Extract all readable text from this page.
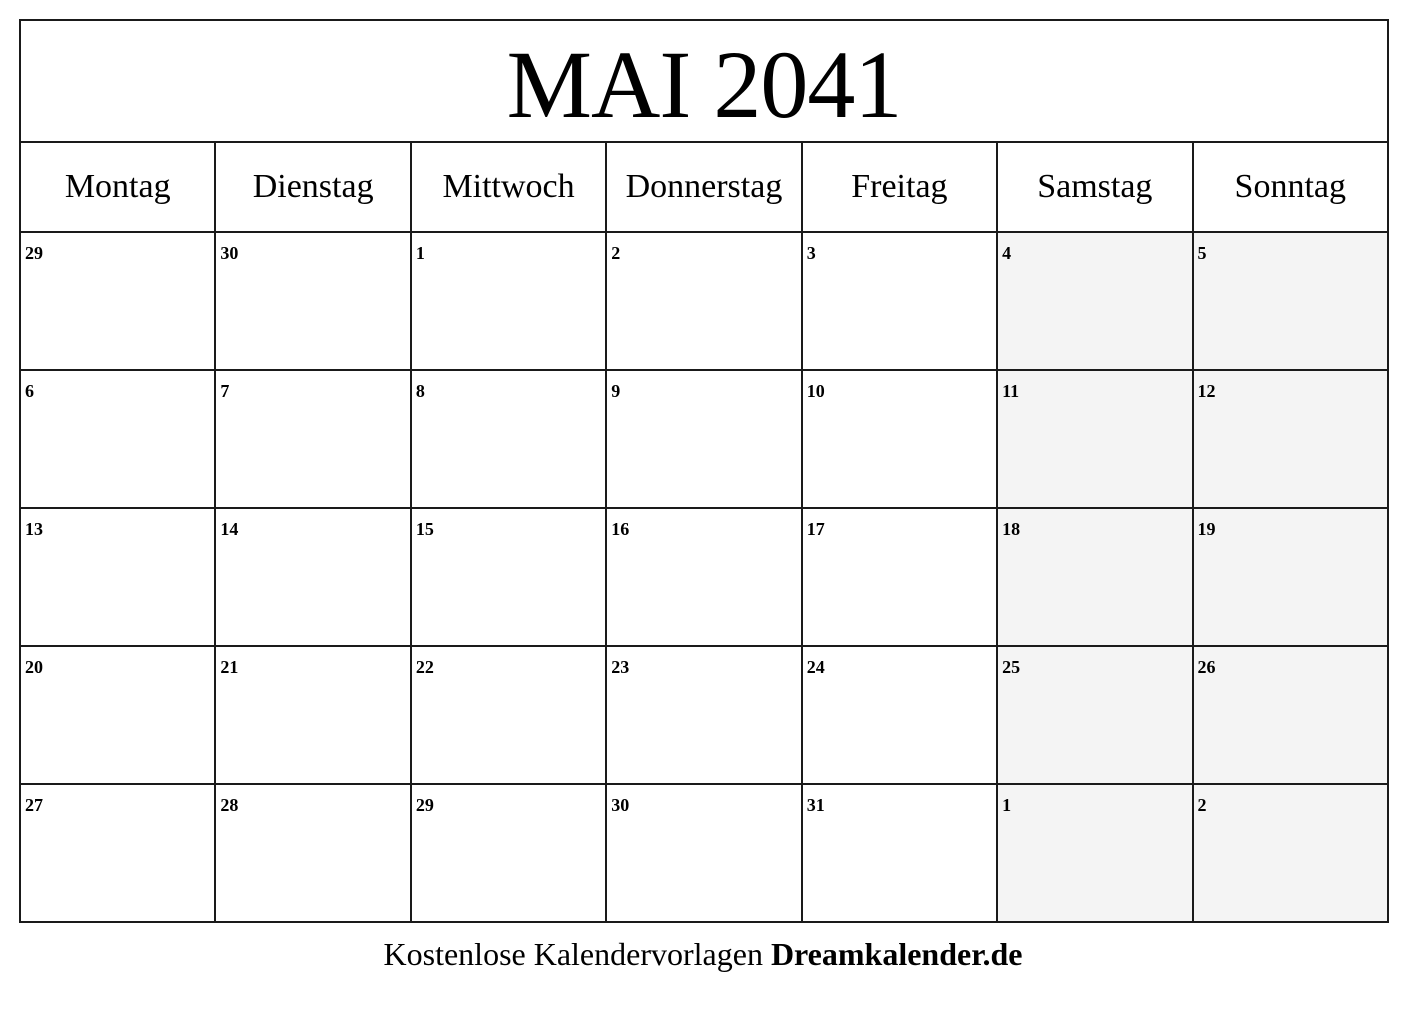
MAI 2041						
Montag	Dienstag	Mittwoch	Donnerstag	Freitag	Samstag	Sonntag

29	30	1	2	3	4	5

6	7	8	9	10	11	12

13	14	15	16	17	18	19

20	21	22	23	24	25	26

27	28	29	30	31	1	2
Kostenlose Kalendervorlagen Dreamkalender.de
